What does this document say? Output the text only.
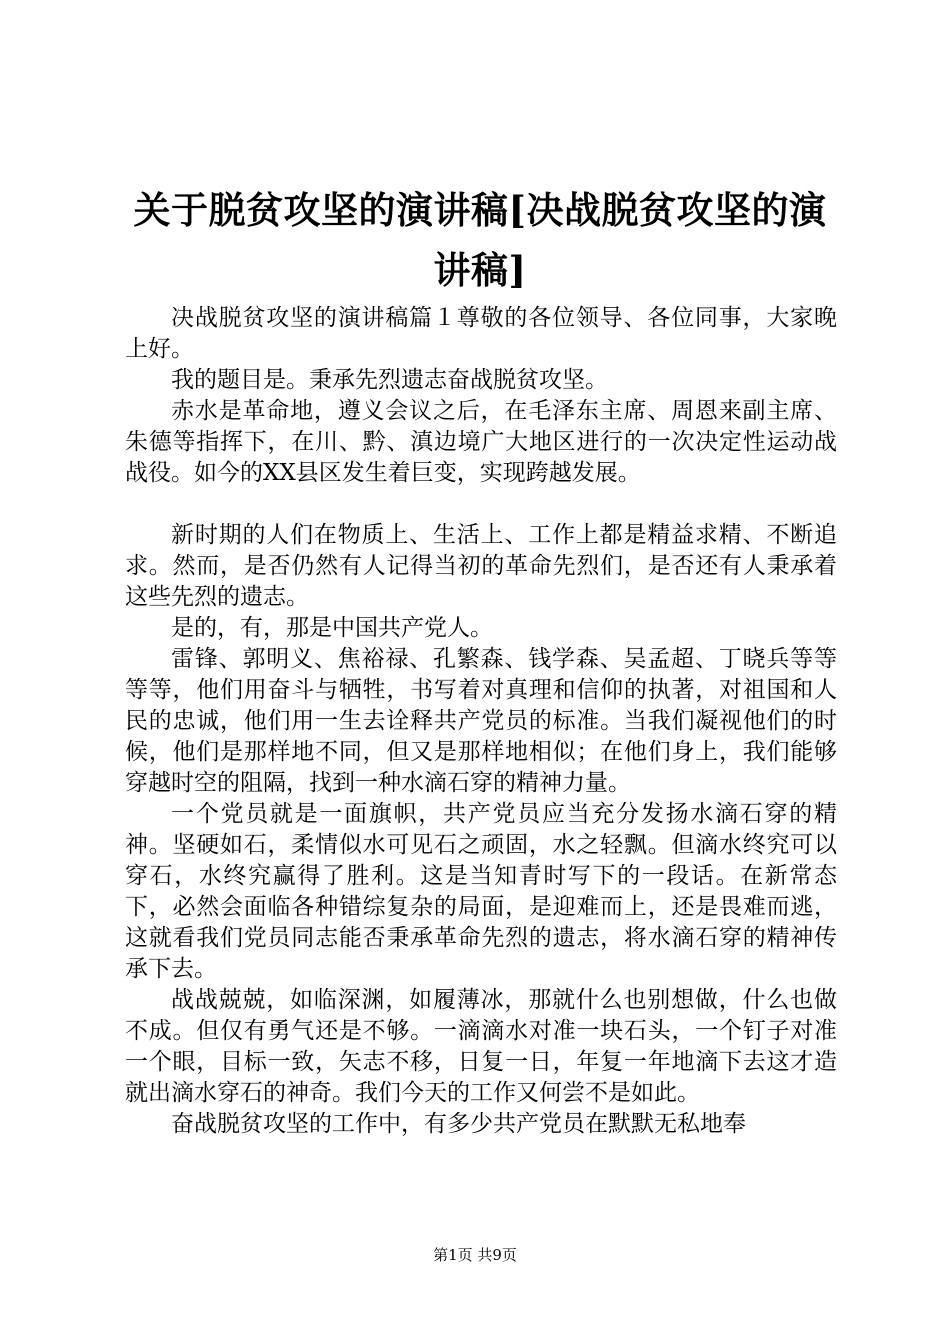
关于脱贫攻坚的演讲稿[决战脱贫攻坚的演讲稿]

决战脱贫攻坚的演讲稿篇１尊敬的各位领导、各位同事，大家晚上好。

我的题目是。秉承先烈遗志奋战脱贫攻坚。

赤水是革命地，遵义会议之后，在毛泽东主席、周恩来副主席、朱德等指挥下，在川、黔、滇边境广大地区进行的一次决定性运动战战役。如今的XX县区发生着巨变，实现跨越发展。

新时期的人们在物质上、生活上、工作上都是精益求精、不断追求。然而，是否仍然有人记得当初的革命先烈们，是否还有人秉承着这些先烈的遗志。

是的，有，那是中国共产党人。

雷锋、郭明义、焦裕禄、孔繁森、钱学森、吴孟超、丁晓兵等等等等，他们用奋斗与牺牲，书写着对真理和信仰的执著，对祖国和人民的忠诚，他们用一生去诠释共产党员的标准。当我们凝视他们的时候，他们是那样地不同，但又是那样地相似；在他们身上，我们能够穿越时空的阻隔，找到一种水滴石穿的精神力量。

一个党员就是一面旗帜，共产党员应当充分发扬水滴石穿的精神。坚硬如石，柔情似水可见石之顽固，水之轻飘。但滴水终究可以穿石，水终究赢得了胜利。这是当知青时写下的一段话。在新常态下，必然会面临各种错综复杂的局面，是迎难而上，还是畏难而逃，这就看我们党员同志能否秉承革命先烈的遗志，将水滴石穿的精神传承下去。

战战兢兢，如临深渊，如履薄冰，那就什么也别想做，什么也做不成。但仅有勇气还是不够。一滴滴水对准一块石头，一个钉子对准一个眼，目标一致，矢志不移，日复一日，年复一年地滴下去这才造就出滴水穿石的神奇。我们今天的工作又何尝不是如此。

奋战脱贫攻坚的工作中，有多少共产党员在默默无私地奉

第1页 共9页
